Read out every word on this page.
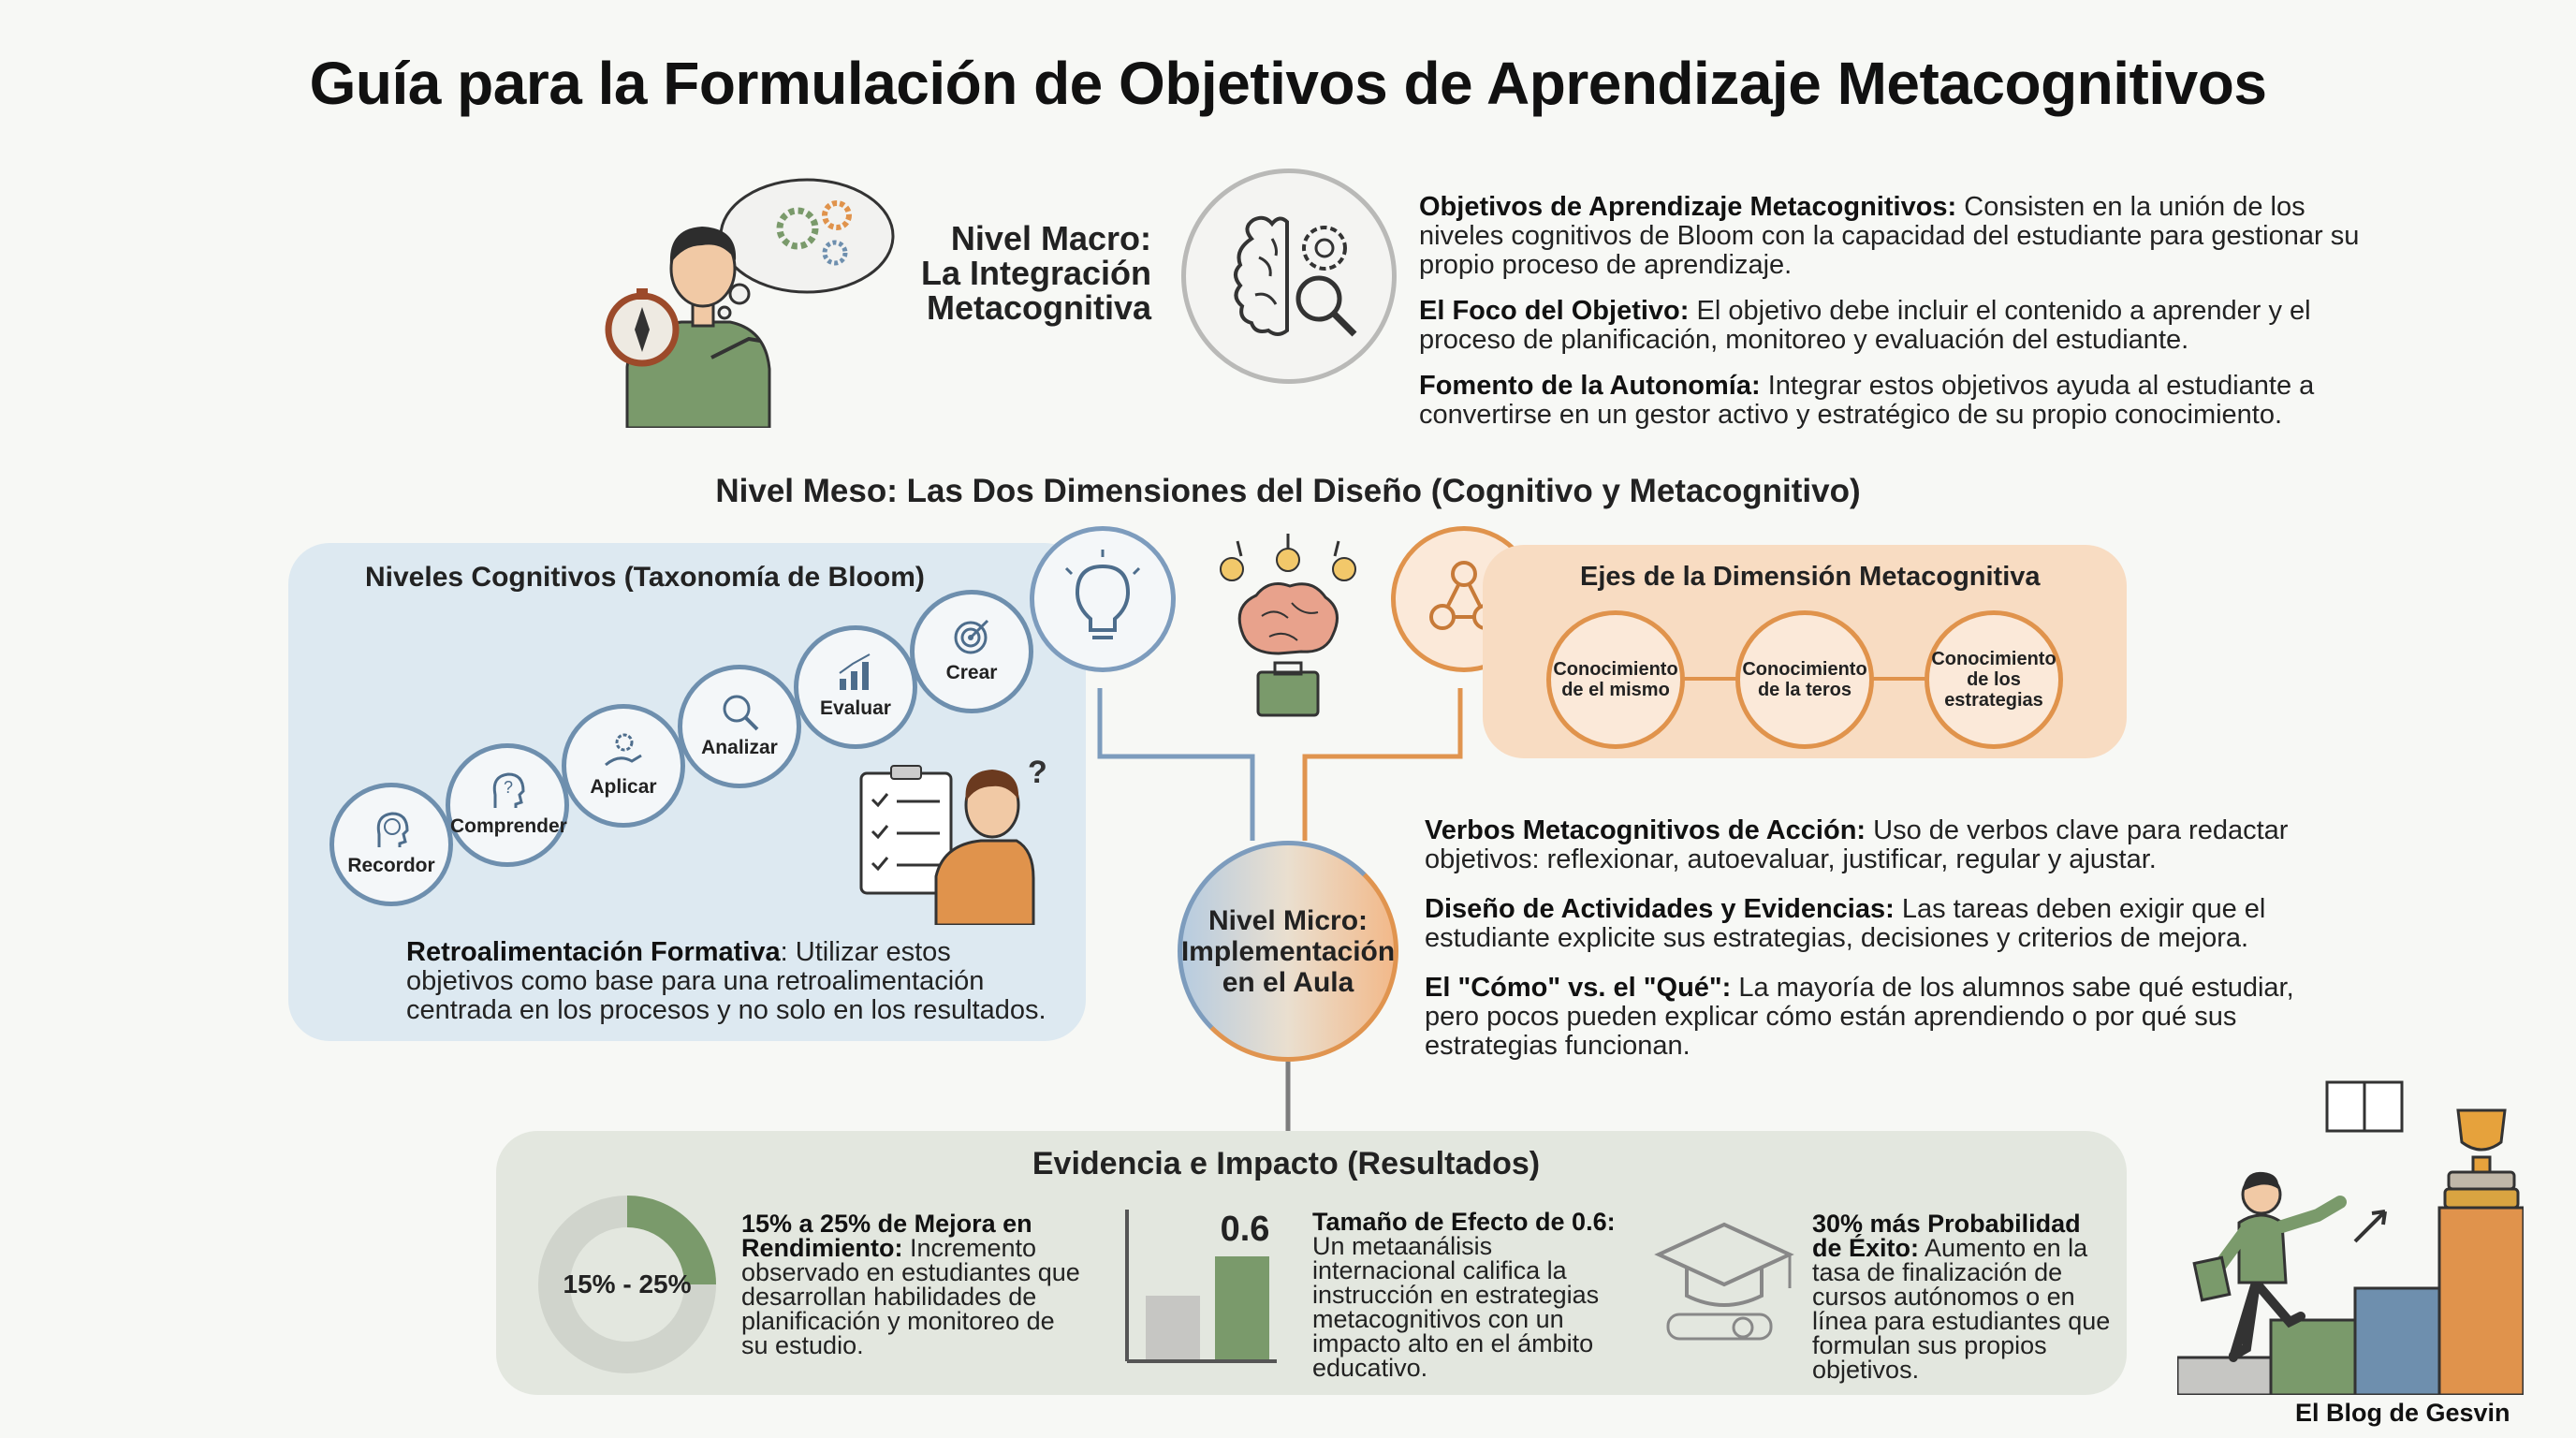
Guía para la Formulación de Objetivos de Aprendizaje Metacognitivos
Nivel Macro:
La Integración
Metacognitiva
Objetivos de Aprendizaje Metacognitivos: Consisten en la unión de los niveles cognitivos de Bloom con la capacidad del estudiante para gestionar su propio proceso de aprendizaje.
El Foco del Objetivo: El objetivo debe incluir el contenido a aprender y el proceso de planificación, monitoreo y evaluación del estudiante.
Fomento de la Autonomía: Integrar estos objetivos ayuda al estudiante a convertirse en un gestor activo y estratégico de su propio conocimiento.
Nivel Meso: Las Dos Dimensiones del Diseño (Cognitivo y Metacognitivo)
Niveles Cognitivos (Taxonomía de Bloom)
Recordor
?
Comprender
Aplicar
Analizar
Evaluar
Crear
?
Retroalimentación Formativa: Utilizar estos objetivos como base para una retroalimentación centrada en los procesos y no solo en los resultados.
Ejes de la Dimensión Metacognitiva
Conocimiento de el mismo
Conocimiento de la teros
Conocimiento de los estrategias
Nivel Micro:
Implementación
en el Aula
Verbos Metacognitivos de Acción: Uso de verbos clave para redactar objetivos: reflexionar, autoevaluar, justificar, regular y ajustar.
Diseño de Actividades y Evidencias: Las tareas deben exigir que el estudiante explicite sus estrategias, decisiones y criterios de mejora.
El "Cómo" vs. el "Qué": La mayoría de los alumnos sabe qué estudiar, pero pocos pueden explicar cómo están aprendiendo o por qué sus estrategias funcionan.
Evidencia e Impacto (Resultados)
15% - 25%
15% a 25% de Mejora en Rendimiento: Incremento observado en estudiantes que desarrollan habilidades de planificación y monitoreo de su estudio.
0.6	Tamaño de Efecto de 0.6: Un metaanálisis internacional califica la instrucción en estrategias metacognitivos con un impacto alto en el ámbito educativo.
30% más Probabilidad de Éxito: Aumento en la tasa de finalización de cursos autónomos o en línea para estudiantes que formulan sus propios objetivos.
El Blog de Gesvin
